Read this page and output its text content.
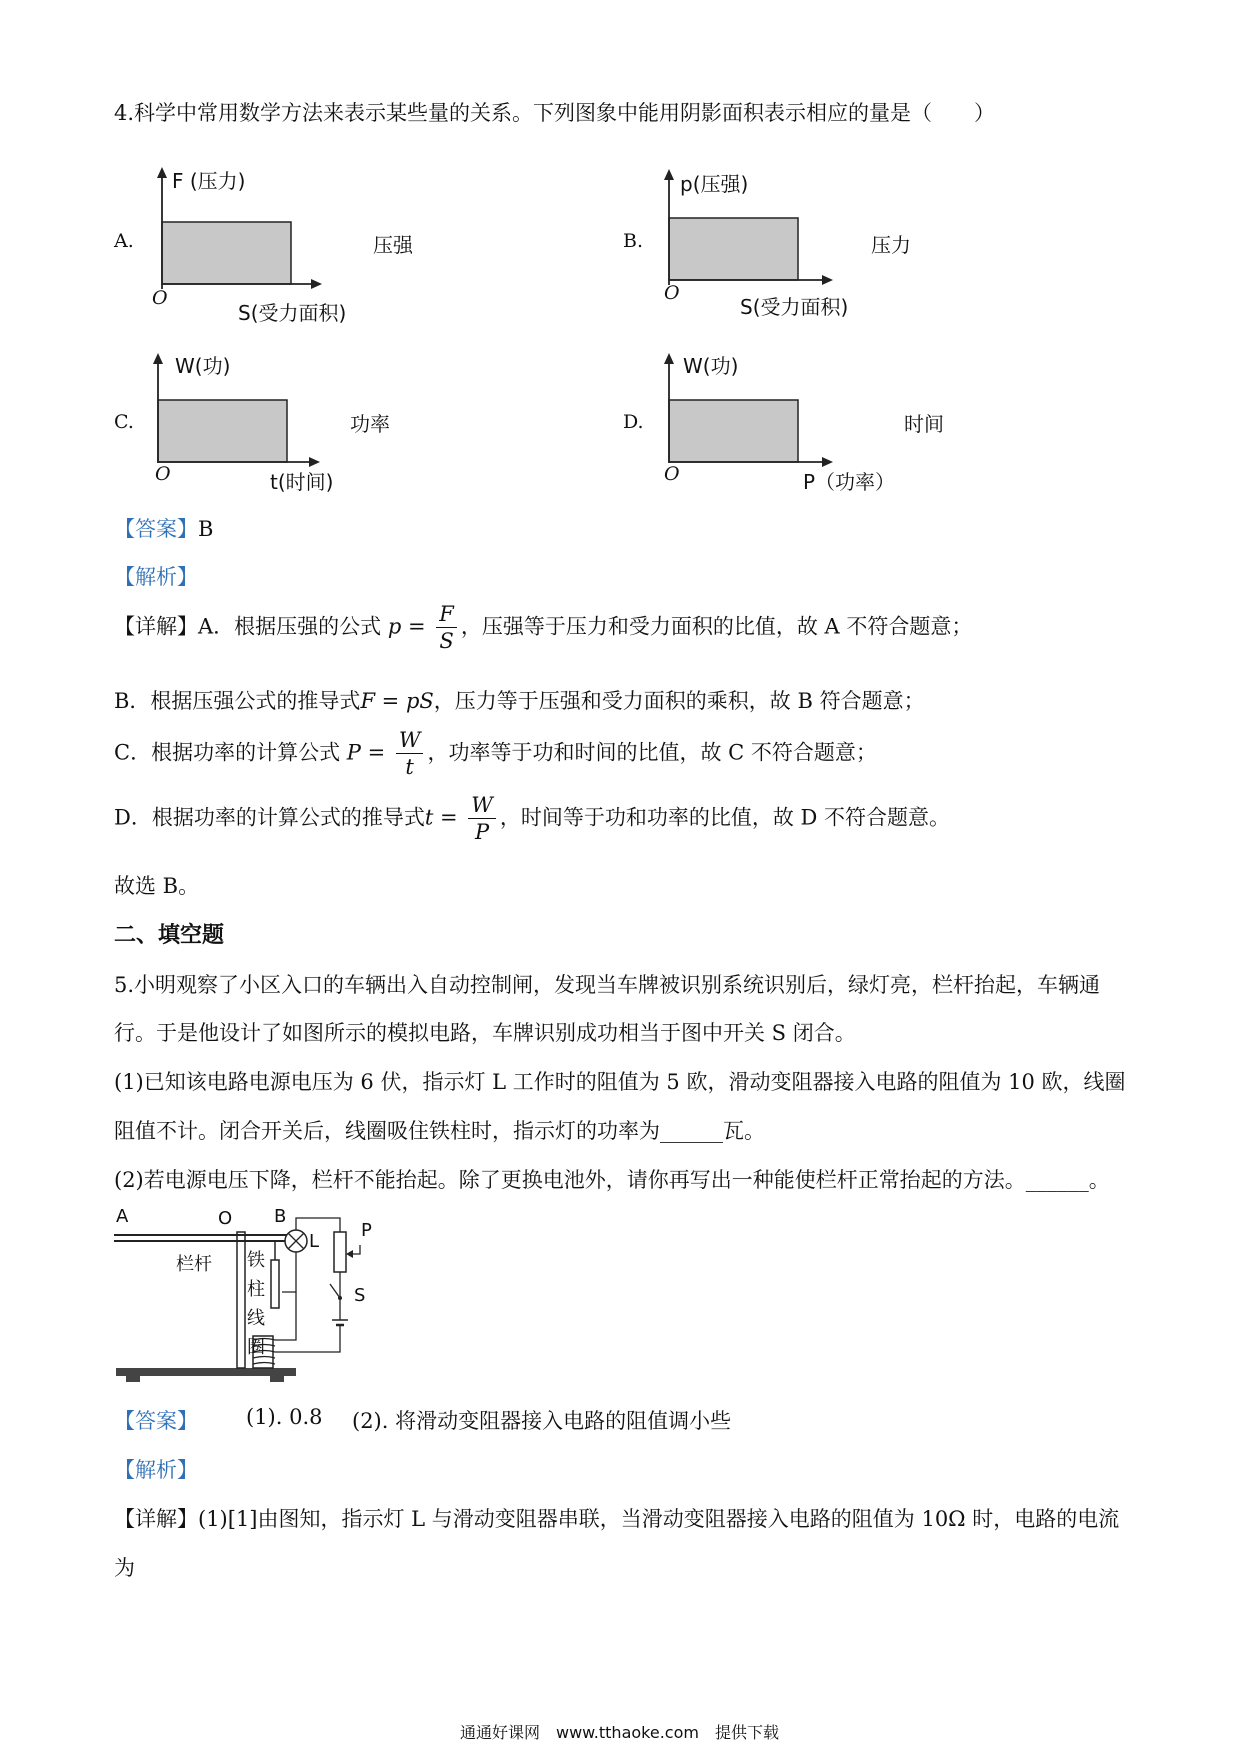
4.科学中常用数学方法来表示某些量的关系。下列图象中能用阴影面积表示相应的量是（　　）
A.
F (压力)
S(受力面积)
O
压强	B.
p(压强)
S(受力面积)
O
压力
C.
W(功)
t(时间)
O
功率	D.
W(功)
P（功率）
O
时间
【答案】B
【解析】
【详解】A．根据压强的公式 $p = \frac{F}{S}$ ，压强等于压力和受力面积的比值，故 A 不符合题意；
B．根据压强公式的推导式F = pS，压力等于压强和受力面积的乘积，故 B 符合题意；
C．根据功率的计算公式 $P = \frac{W}{t}$ ，功率等于功和时间的比值，故 C 不符合题意；
D．根据功率的计算公式的推导式$t = \frac{W}{P}$ ，时间等于功和功率的比值，故 D 不符合题意。
故选 B。
二、填空题
5.小明观察了小区入口的车辆出入自动控制闸，发现当车牌被识别系统识别后，绿灯亮，栏杆抬起，车辆通
行。于是他设计了如图所示的模拟电路，车牌识别成功相当于图中开关 S 闭合。
(1)已知该电路电源电压为 6 伏，指示灯 L 工作时的阻值为 5 欧，滑动变阻器接入电路的阻值为 10 欧，线圈
阻值不计。闭合开关后，线圈吸住铁柱时，指示灯的功率为______瓦。
(2)若电源电压下降，栏杆不能抬起。除了更换电池外，请你再写出一种能使栏杆正常抬起的方法。______。
A	O B
栏杆 铁
柱
线
圈
L
P
S
【答案】 (1). 0.8 (2). 将滑动变阻器接入电路的阻值调小些
【解析】
【详解】(1)[1]由图知，指示灯 L 与滑动变阻器串联，当滑动变阻器接入电路的阻值为 10Ω 时，电路的电流
为
通通好课网　www.tthaoke.com　提供下载
